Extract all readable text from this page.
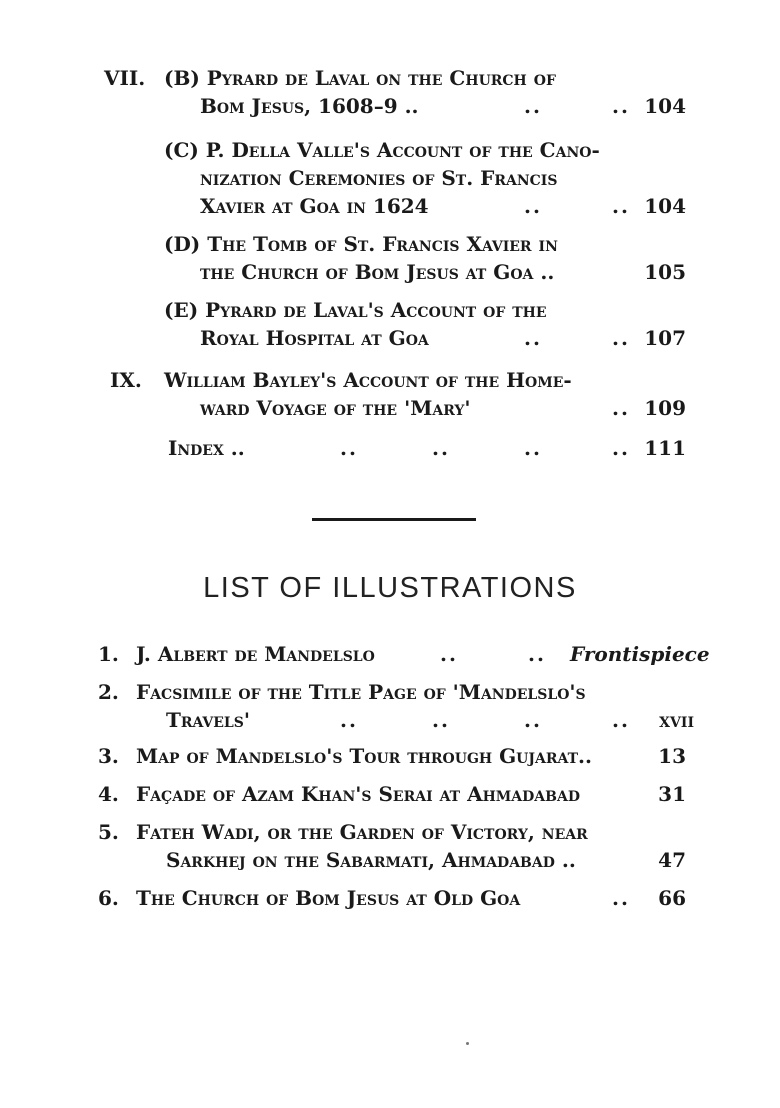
VII. (B) Pyrard de Laval on the Church of
Bom Jesus, 1608–9 ..	..	.. 104
(C) P. Della Valle's Account of the Cano-
nization Ceremonies of St. Francis
Xavier at Goa in 1624	..	.. 104
(D) The Tomb of St. Francis Xavier in
the Church of Bom Jesus at Goa ..	105
(E) Pyrard de Laval's Account of the
Royal Hospital at Goa	..	.. 107
IX. William Bayley's Account of the Home-
ward Voyage of the 'Mary'	.. 109
Index ..	..	..	..	.. 111
LIST OF ILLUSTRATIONS
1. J. Albert de Mandelslo	..	.. Frontispiece
2. Facsimile of the Title Page of 'Mandelslo's
Travels'	..	..	..	..	xvii
3. Map of Mandelslo's Tour through Gujarat..	13
4. Façade of Azam Khan's Serai at Ahmadabad	31
5. Fateh Wadi, or the Garden of Victory, near
Sarkhej on the Sabarmati, Ahmadabad ..	47
6. The Church of Bom Jesus at Old Goa	..	66
